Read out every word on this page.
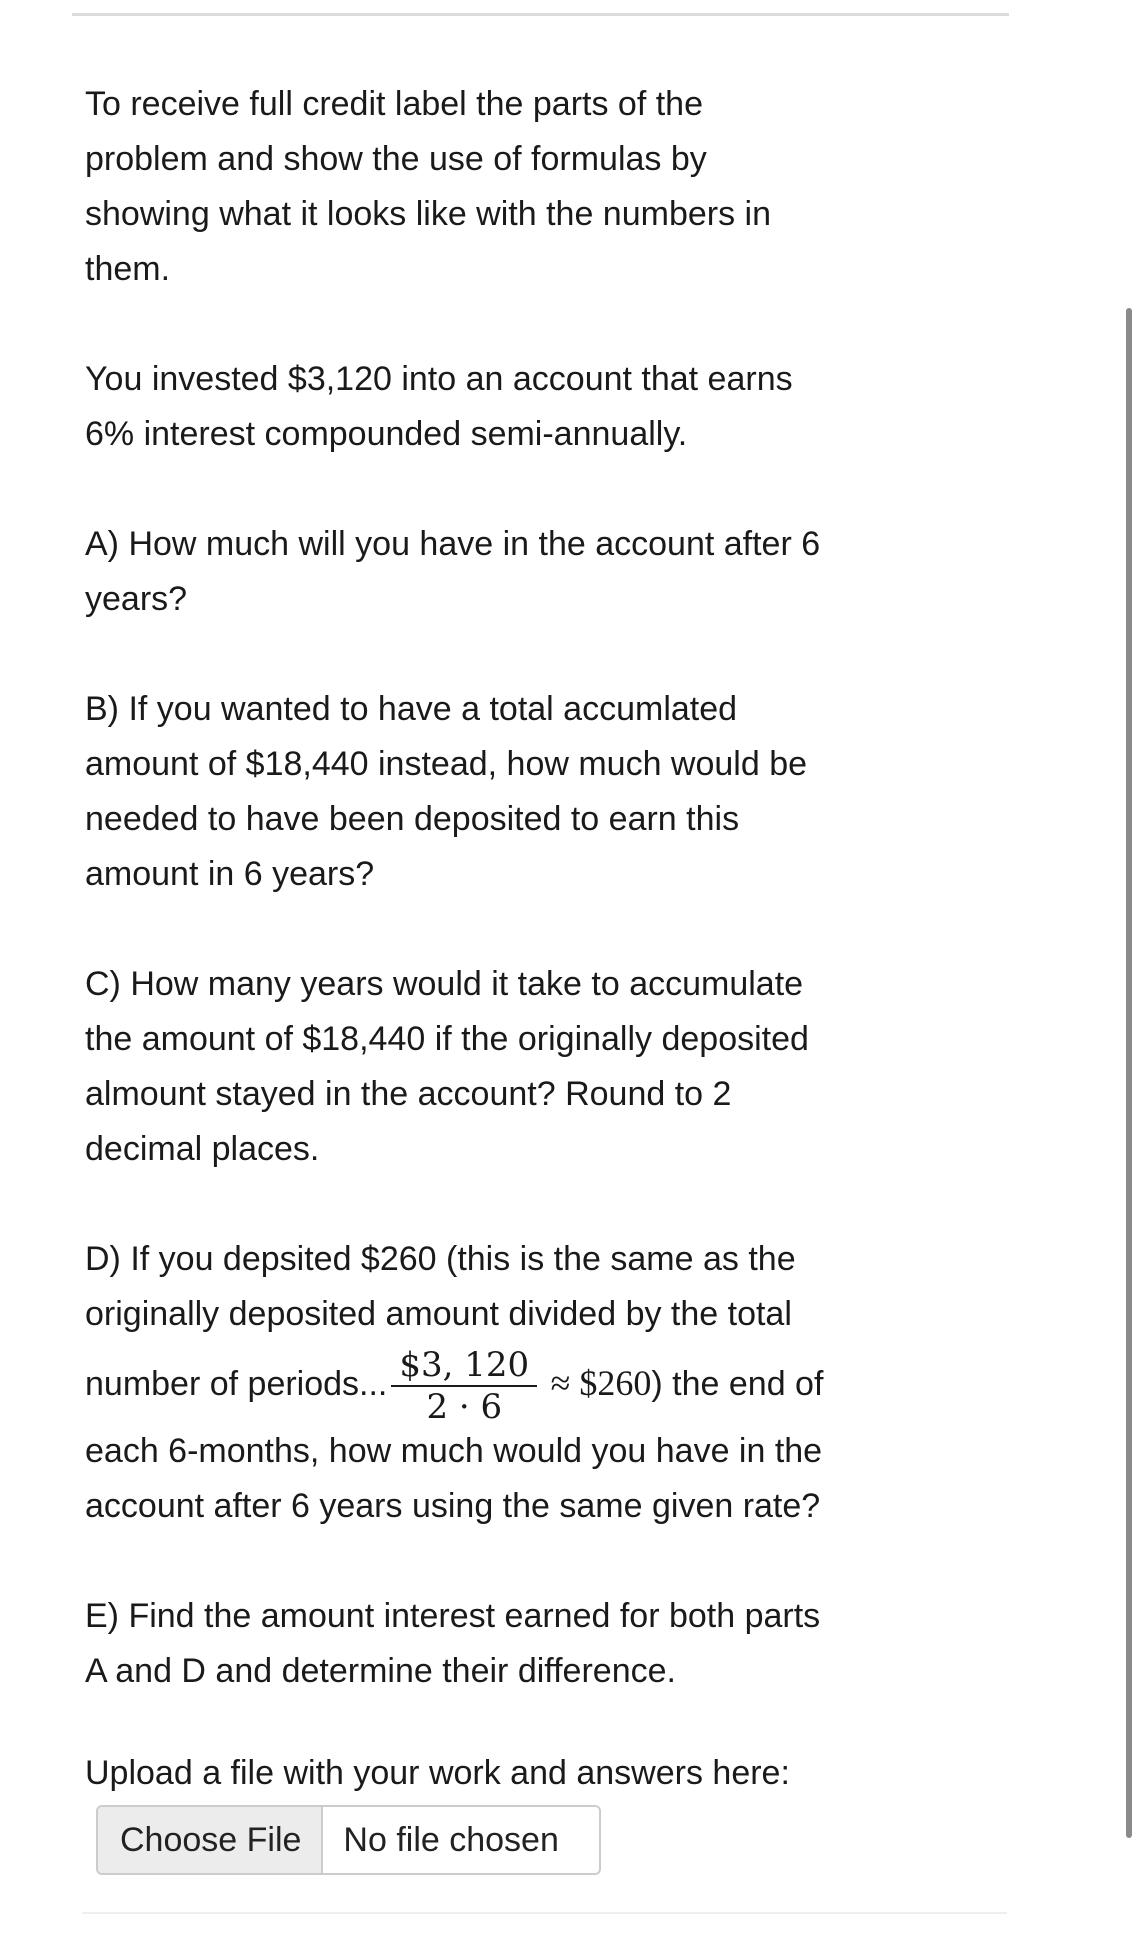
To receive full credit label the parts of the
problem and show the use of formulas by
showing what it looks like with the numbers in
them.
You invested $3,120 into an account that earns
6% interest compounded semi-annually.
A) How much will you have in the account after 6
years?
B) If you wanted to have a total accumlated
amount of $18,440 instead, how much would be
needed to have been deposited to earn this
amount in 6 years?
C) How many years would it take to accumulate
the amount of $18,440 if the originally deposited
almount stayed in the account? Round to 2
decimal places.
D) If you depsited $260 (this is the same as the
originally deposited amount divided by the total
number of periods... $\frac{\$3, 120}{2 \cdot 6}$ ≈ $260) the end of
each 6-months, how much would you have in the
account after 6 years using the same given rate?
E) Find the amount interest earned for both parts
A and D and determine their difference.
Upload a file with your work and answers here:
Choose File	No file chosen
